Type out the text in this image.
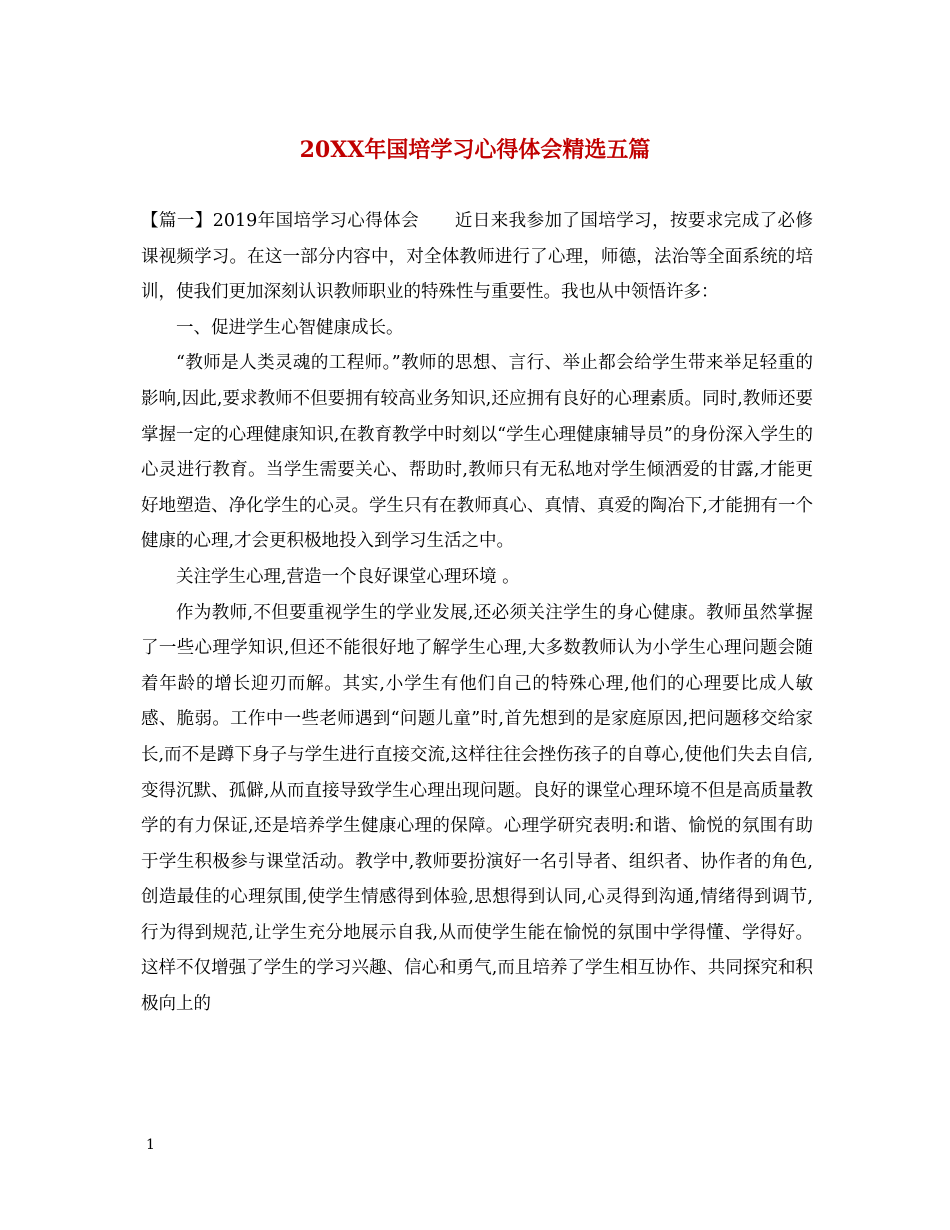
20XX年国培学习心得体会精选五篇

【篇一】2019年国培学习心得体会　　近日来我参加了国培学习，按要求完成了必修课视频学习。在这一部分内容中，对全体教师进行了心理，师德，法治等全面系统的培训，使我们更加深刻认识教师职业的特殊性与重要性。我也从中领悟许多：

一、促进学生心智健康成长。

“教师是人类灵魂的工程师。”教师的思想、言行、举止都会给学生带来举足轻重的影响,因此,要求教师不但要拥有较高业务知识,还应拥有良好的心理素质。同时,教师还要掌握一定的心理健康知识,在教育教学中时刻以“学生心理健康辅导员”的身份深入学生的心灵进行教育。当学生需要关心、帮助时,教师只有无私地对学生倾洒爱的甘露,才能更好地塑造、净化学生的心灵。学生只有在教师真心、真情、真爱的陶冶下,才能拥有一个健康的心理,才会更积极地投入到学习生活之中。

关注学生心理,营造一个良好课堂心理环境 。

作为教师,不但要重视学生的学业发展,还必须关注学生的身心健康。教师虽然掌握了一些心理学知识,但还不能很好地了解学生心理,大多数教师认为小学生心理问题会随着年龄的增长迎刃而解。其实,小学生有他们自己的特殊心理,他们的心理要比成人敏感、脆弱。工作中一些老师遇到“问题儿童”时,首先想到的是家庭原因,把问题移交给家长,而不是蹲下身子与学生进行直接交流,这样往往会挫伤孩子的自尊心,使他们失去自信,变得沉默、孤僻,从而直接导致学生心理出现问题。良好的课堂心理环境不但是高质量教学的有力保证,还是培养学生健康心理的保障。心理学研究表明:和谐、愉悦的氛围有助于学生积极参与课堂活动。教学中,教师要扮演好一名引导者、组织者、协作者的角色,创造最佳的心理氛围,使学生情感得到体验,思想得到认同,心灵得到沟通,情绪得到调节,行为得到规范,让学生充分地展示自我,从而使学生能在愉悦的氛围中学得懂、学得好。这样不仅增强了学生的学习兴趣、信心和勇气,而且培养了学生相互协作、共同探究和积极向上的

1
